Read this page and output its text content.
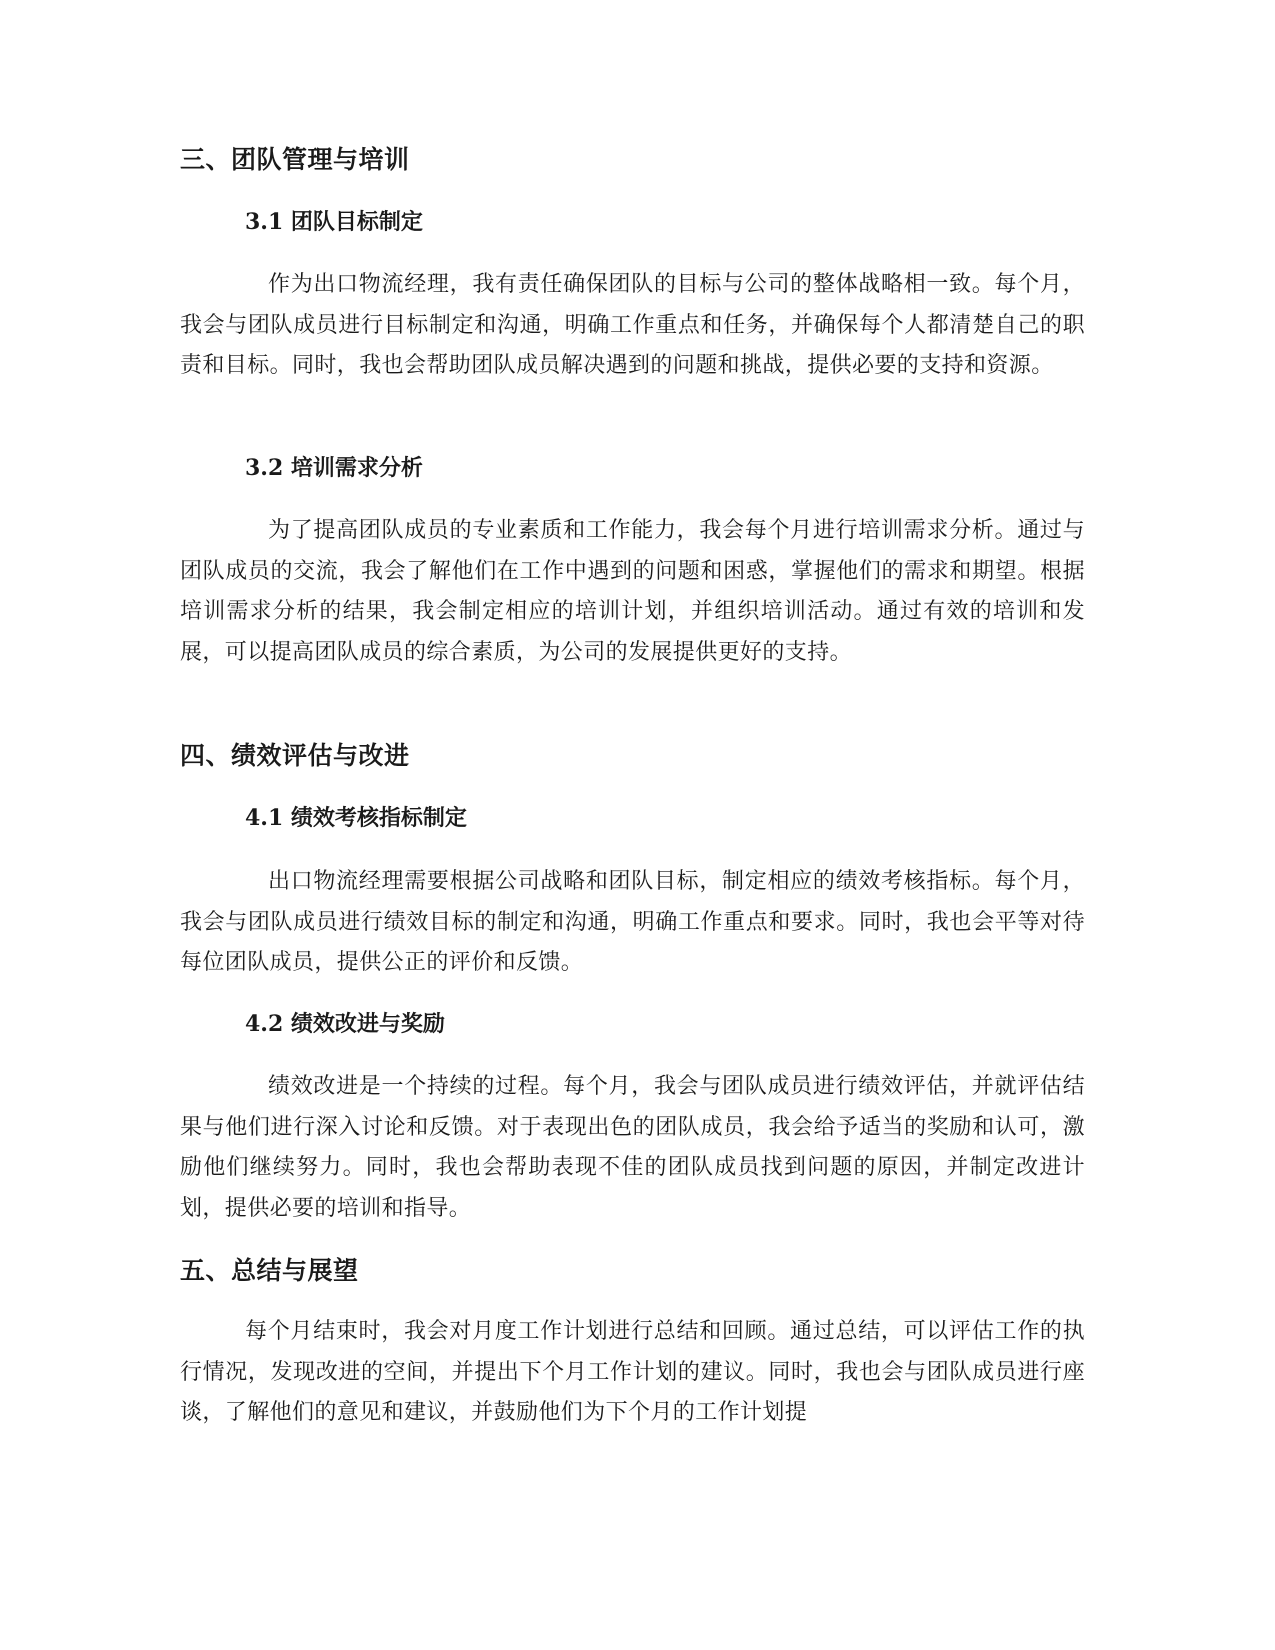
三、团队管理与培训
3.1 团队目标制定

作为出口物流经理，我有责任确保团队的目标与公司的整体战略相一致。每个月，我会与团队成员进行目标制定和沟通，明确工作重点和任务，并确保每个人都清楚自己的职责和目标。同时，我也会帮助团队成员解决遇到的问题和挑战，提供必要的支持和资源。

3.2 培训需求分析

为了提高团队成员的专业素质和工作能力，我会每个月进行培训需求分析。通过与团队成员的交流，我会了解他们在工作中遇到的问题和困惑，掌握他们的需求和期望。根据培训需求分析的结果，我会制定相应的培训计划，并组织培训活动。通过有效的培训和发展，可以提高团队成员的综合素质，为公司的发展提供更好的支持。

四、绩效评估与改进
4.1 绩效考核指标制定

出口物流经理需要根据公司战略和团队目标，制定相应的绩效考核指标。每个月，我会与团队成员进行绩效目标的制定和沟通，明确工作重点和要求。同时，我也会平等对待每位团队成员，提供公正的评价和反馈。

4.2 绩效改进与奖励

绩效改进是一个持续的过程。每个月，我会与团队成员进行绩效评估，并就评估结果与他们进行深入讨论和反馈。对于表现出色的团队成员，我会给予适当的奖励和认可，激励他们继续努力。同时，我也会帮助表现不佳的团队成员找到问题的原因，并制定改进计划，提供必要的培训和指导。

五、总结与展望

每个月结束时，我会对月度工作计划进行总结和回顾。通过总结，可以评估工作的执行情况，发现改进的空间，并提出下个月工作计划的建议。同时，我也会与团队成员进行座谈，了解他们的意见和建议，并鼓励他们为下个月的工作计划提
